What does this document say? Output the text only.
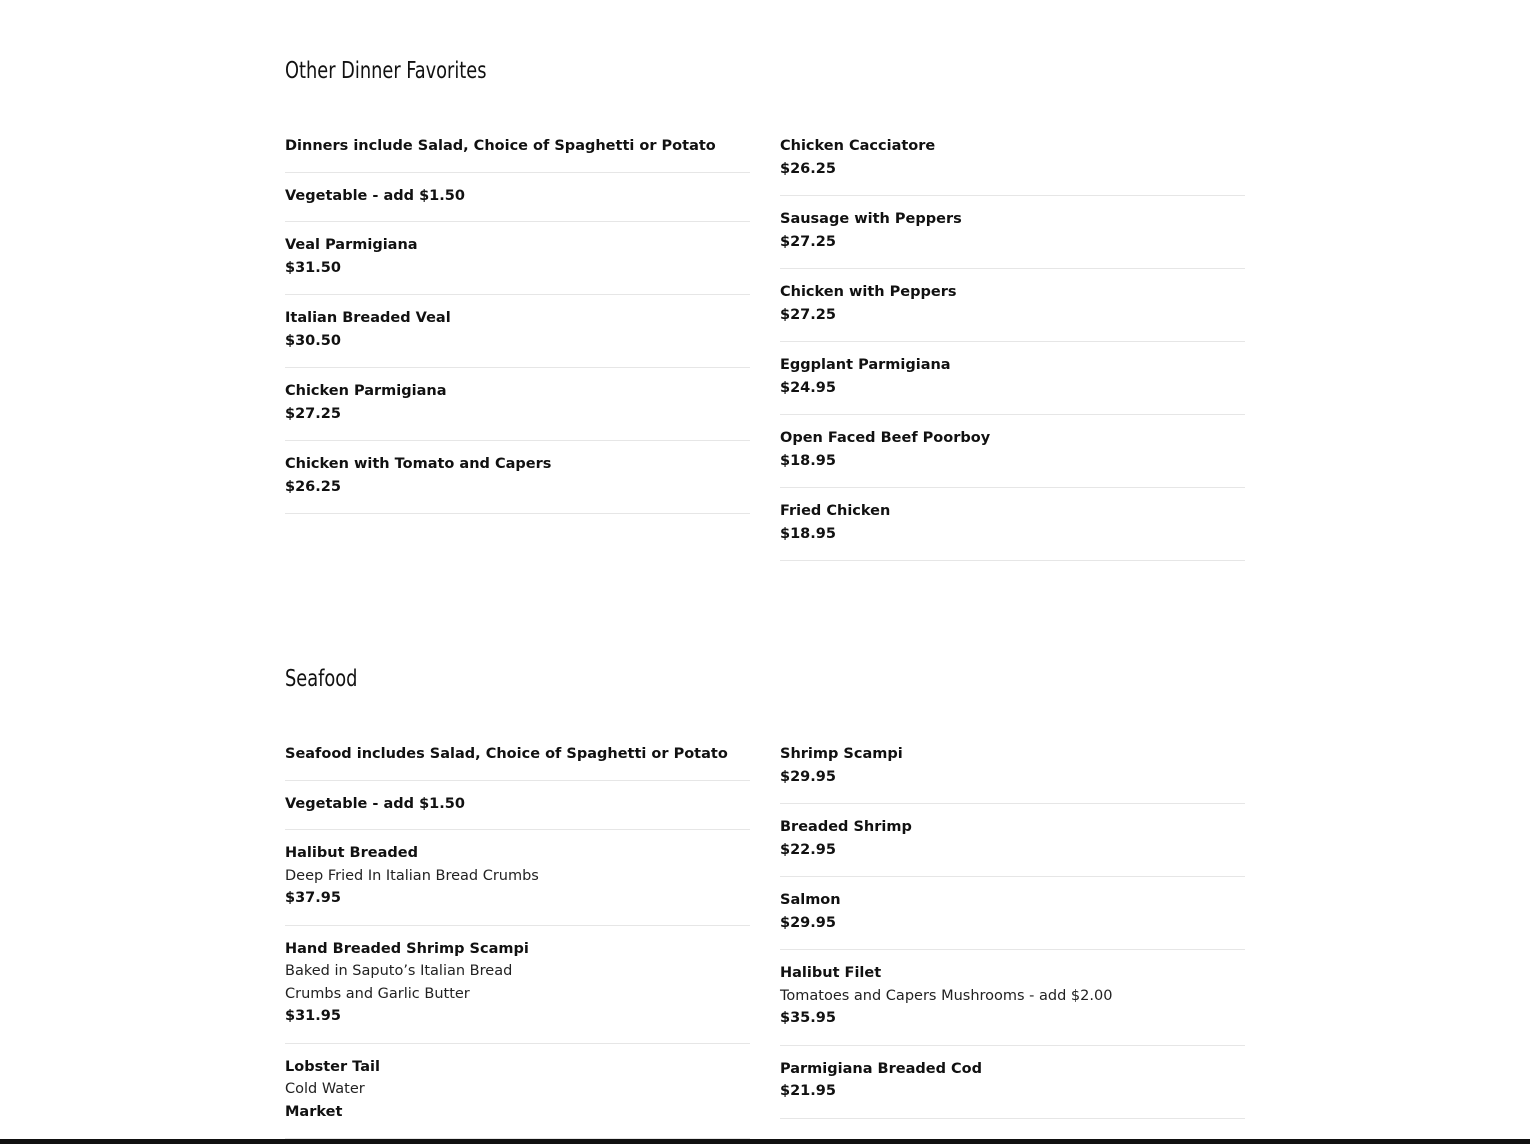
Other Dinner Favorites
Dinners include Salad, Choice of Spaghetti or Potato
Vegetable - add $1.50
Veal Parmigiana
$31.50
Italian Breaded Veal
$30.50
Chicken Parmigiana
$27.25
Chicken with Tomato and Capers
$26.25
Chicken Cacciatore
$26.25
Sausage with Peppers
$27.25
Chicken with Peppers
$27.25
Eggplant Parmigiana
$24.95
Open Faced Beef Poorboy
$18.95
Fried Chicken
$18.95
Seafood
Seafood includes Salad, Choice of Spaghetti or Potato
Vegetable - add $1.50
Halibut Breaded
Deep Fried In Italian Bread Crumbs
$37.95
Hand Breaded Shrimp Scampi
Baked in Saputo’s Italian Bread
Crumbs and Garlic Butter
$31.95
Lobster Tail
Cold Water
Market
Shrimp Scampi
$29.95
Breaded Shrimp
$22.95
Salmon
$29.95
Halibut Filet
Tomatoes and Capers Mushrooms - add $2.00
$35.95
Parmigiana Breaded Cod
$21.95
